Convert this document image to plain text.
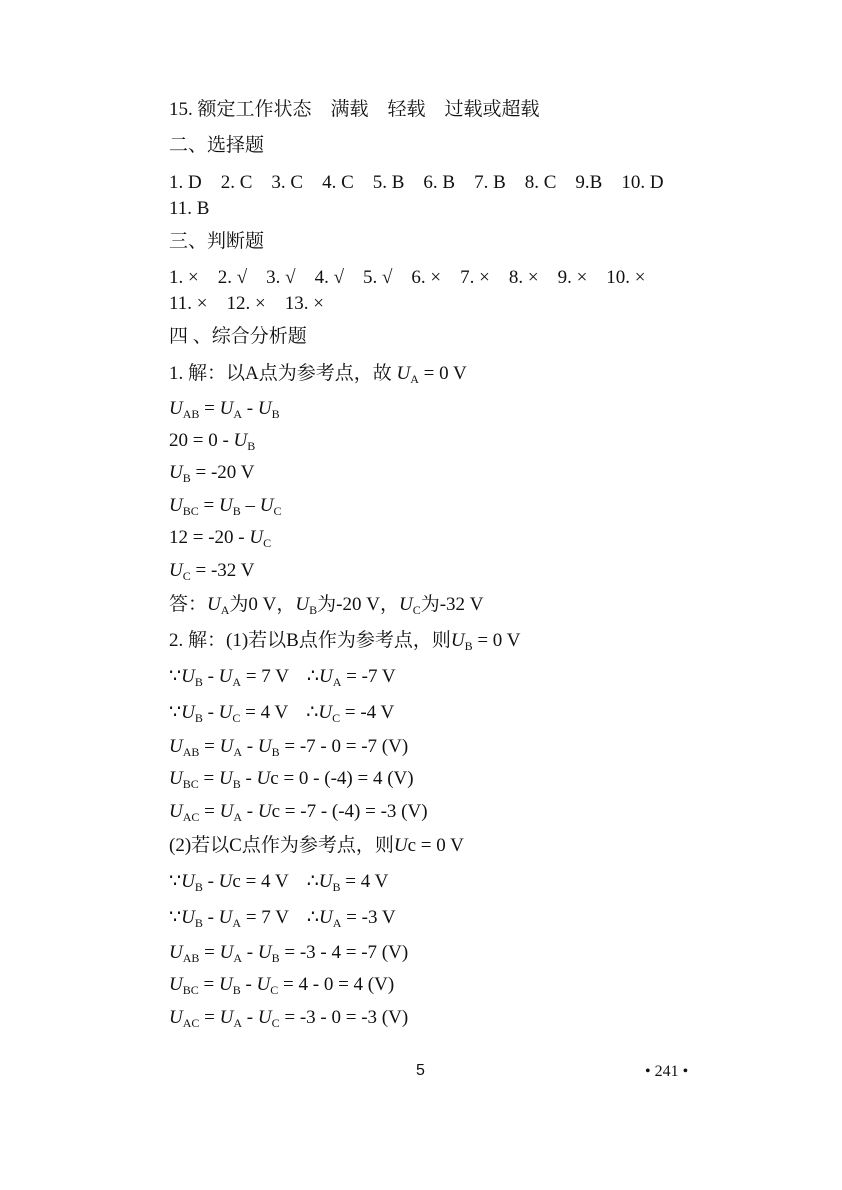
15. 额定工作状态　满载　轻载　过载或超载
二、选择题
1. D　2. C　3. C　4. C　5. B　6. B　7. B　8. C　9.B　10. D
11. B
三、判断题
1. ×　2. √　3. √　4. √　5. √　6. ×　7. ×　8. ×　9. ×　10. ×
11. ×　12. ×　13. ×
四 、综合分析题
1. 解：以A点为参考点，故 $U_A = 0$ V
$U_{AB} = U_A - U_B$
$20 = 0 - U_B$
$U_B = -20$ V
$U_{BC} = U_B - U_C$
$12 = -20 - U_C$
$U_C = -32$ V
答：$U_A$为0 V，$U_B$为-20 V，$U_C$为-32 V
2. 解：(1)若以B点作为参考点，则$U_B = 0$ V
$\because U_B - U_A = 7$ V $\therefore U_A = -7$ V
$\because U_B - U_C = 4$ V $\therefore U_C = -4$ V
$U_{AB} = U_A - U_B = -7 - 0 = -7$ (V)
$U_{BC} = U_B - Uc = 0 - (-4) = 4$ (V)
$U_{AC} = U_A - Uc = -7 - (-4) = -3$ (V)
(2)若以C点作为参考点，则Uc = 0 V
$\because U_B - Uc = 4$ V $\therefore U_B = 4$ V
$\because U_B - U_A = 7$ V $\therefore U_A = -3$ V
$U_{AB} = U_A - U_B = -3 - 4 = -7$ (V)
$U_{BC} = U_B - U_C = 4 - 0 = 4$ (V)
$U_{AC} = U_A - U_C = -3 - 0 = -3$ (V)
5	• 241 •
